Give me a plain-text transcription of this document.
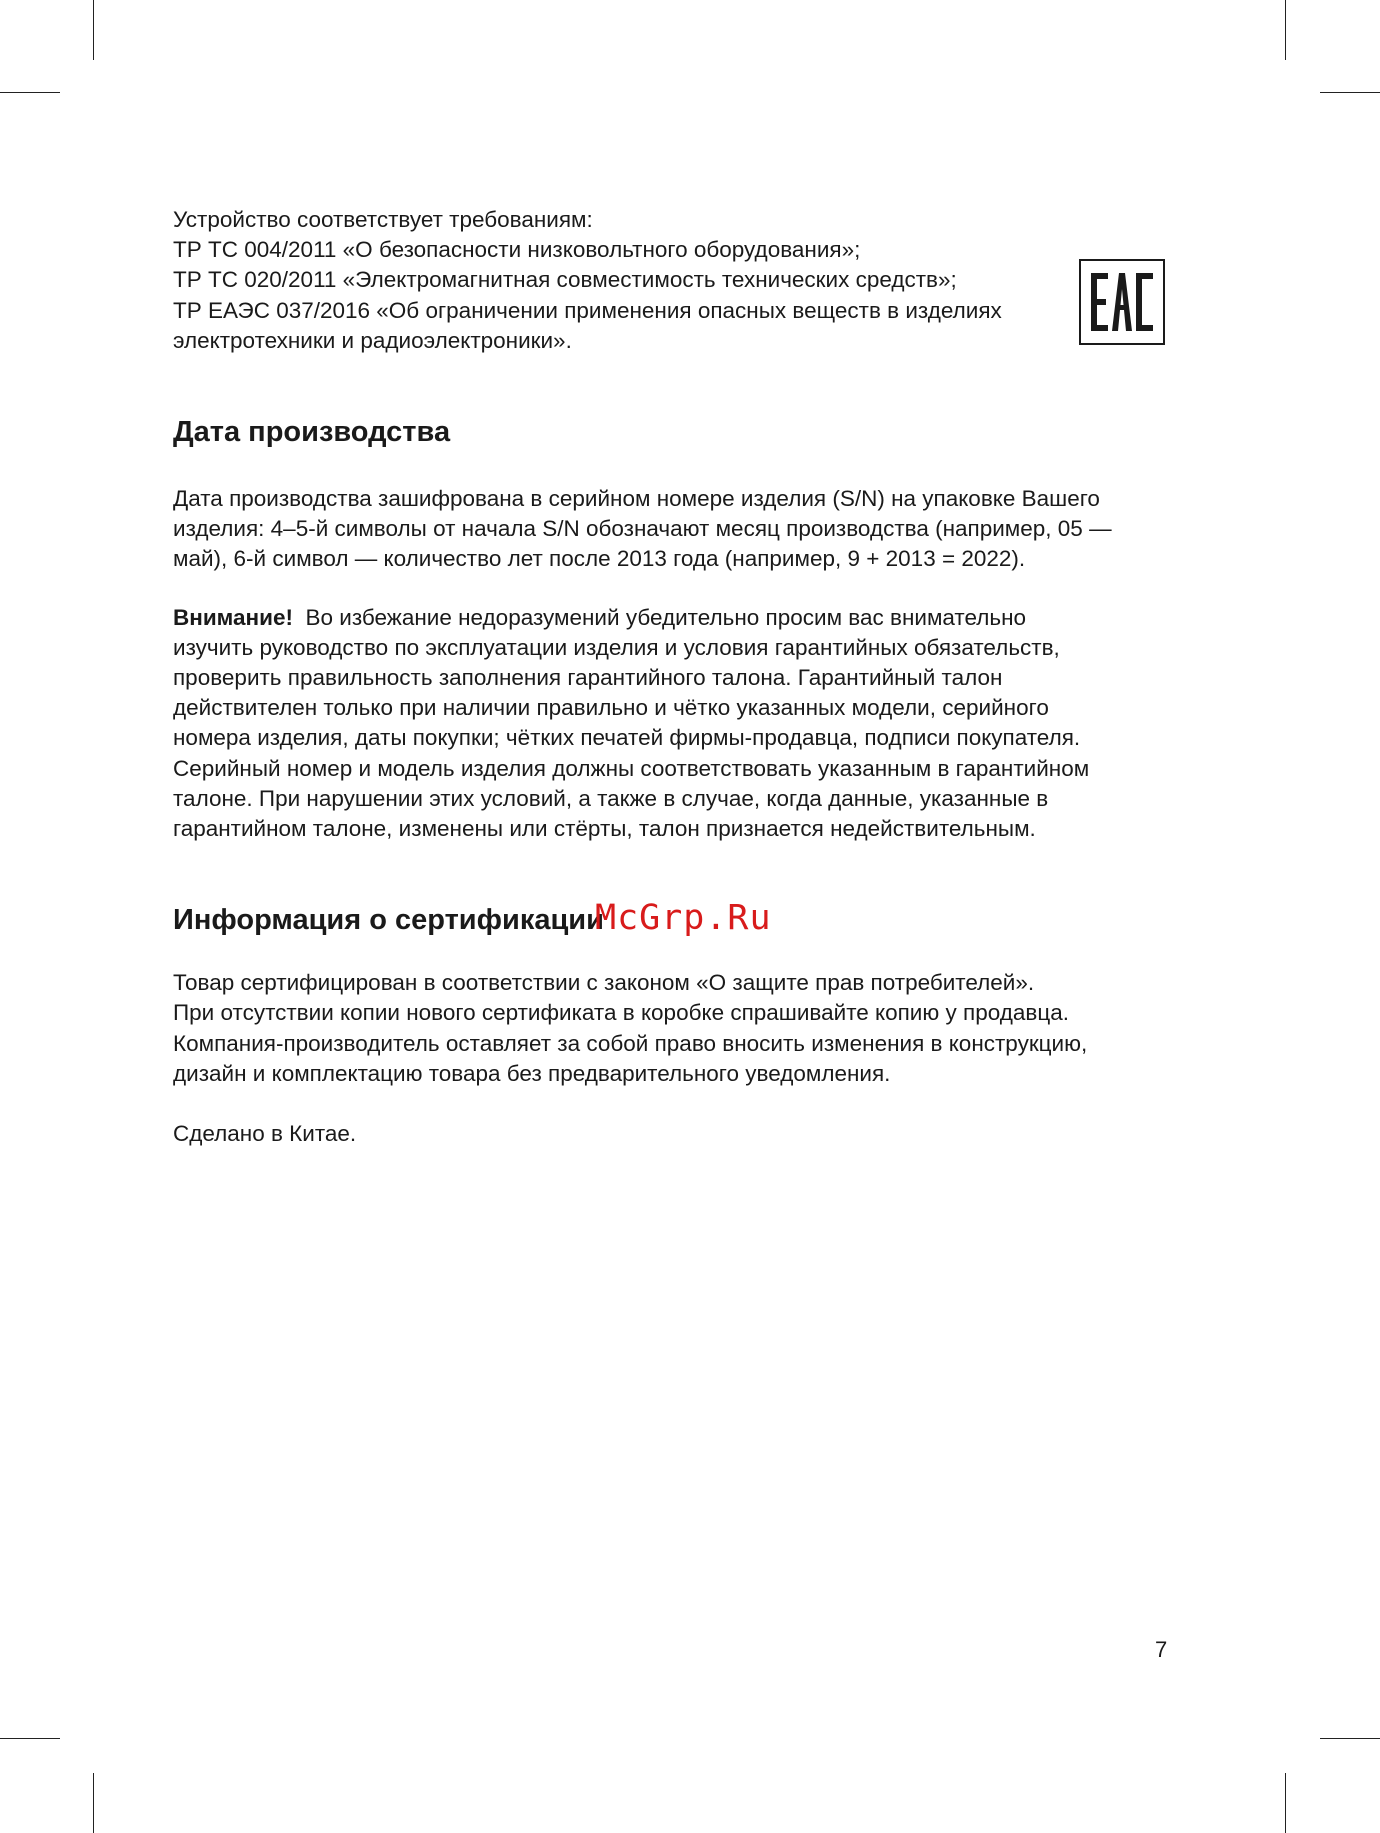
Устройство соответствует требованиям:
ТР ТС 004/2011 «О безопасности низковольтного оборудования»;
ТР ТС 020/2011 «Электромагнитная совместимость технических средств»;
ТР ЕАЭС 037/2016 «Об ограничении применения опасных веществ в изделиях
электротехники и радиоэлектроники».

Дата производства

Дата производства зашифрована в серийном номере изделия (S/N) на упаковке Вашего
изделия: 4–5-й символы от начала S/N обозначают месяц производства (например, 05 —
май), 6-й символ — количество лет после 2013 года (например, 9 + 2013 = 2022).

Внимание! Во избежание недоразумений убедительно просим вас внимательно
изучить руководство по эксплуатации изделия и условия гарантийных обязательств,
проверить правильность заполнения гарантийного талона. Гарантийный талон
действителен только при наличии правильно и чётко указанных модели, серийного
номера изделия, даты покупки; чётких печатей фирмы-продавца, подписи покупателя.
Серийный номер и модель изделия должны соответствовать указанным в гарантийном
талоне. При нарушении этих условий, а также в случае, когда данные, указанные в
гарантийном талоне, изменены или стёрты, талон признается недействительным.

Информация о сертификации
McGrp.Ru

Товар сертифицирован в соответствии с законом «О защите прав потребителей».
При отсутствии копии нового сертификата в коробке спрашивайте копию у продавца.
Компания-производитель оставляет за собой право вносить изменения в конструкцию,
дизайн и комплектацию товара без предварительного уведомления.

Сделано в Китае.

7
